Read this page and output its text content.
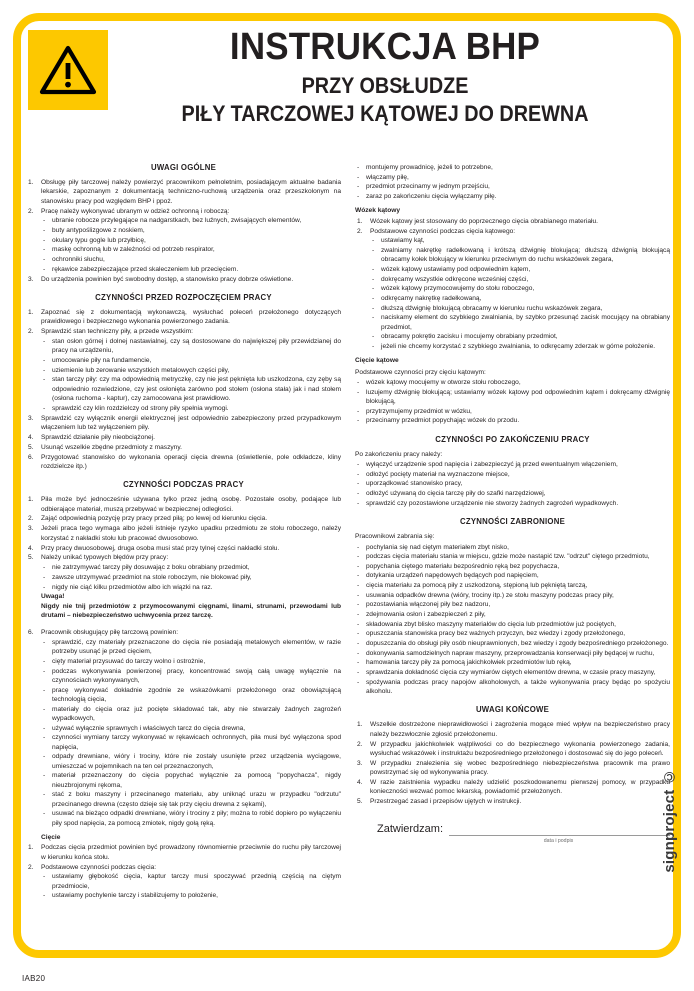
INSTRUKCJA BHP
PRZY OBSŁUDZE
PIŁY TARCZOWEJ KĄTOWEJ DO DREWNA
UWAGI OGÓLNE
1.	Obsługę piły tarczowej należy powierzyć pracownikom pełnoletnim, posiadającym aktualne badania lekarskie, zapoznanym z dokumentacją techniczno-ruchową urządzenia oraz przeszkolonym na stanowisku pracy pod względem BHP i ppoż.
2.	Pracę należy wykonywać ubranym w odzież ochronną i roboczą:
- ubranie robocze przylegające na nadgarstkach, bez luźnych, zwisających elementów,
- buty antypoślizgowe z noskiem,
- okulary typu gogle lub przyłbicę,
- maskę ochronną lub w zależności od potrzeb respirator,
- ochronniki słuchu,
- rękawice zabezpieczające przed skaleczeniem lub przecięciem.
3.	Do urządzenia powinien być swobodny dostęp, a stanowisko pracy dobrze oświetlone.
CZYNNOŚCI PRZED ROZPOCZĘCIEM PRACY
1.	Zapoznać się z dokumentacją wykonawczą, wysłuchać poleceń przełożonego dotyczących prawidłowego i bezpiecznego wykonania powierzonego zadania.
2.	Sprawdzić stan techniczny piły, a przede wszystkim:
- stan osłon górnej i dolnej nastawialnej, czy są dostosowane do największej piły przewidzianej do pracy na urządzeniu,
- umocowanie piły na fundamencie,
- uziemienie lub zerowanie wszystkich metalowych części piły,
- stan tarczy piły: czy ma odpowiednią metryczkę, czy nie jest pęknięta lub uszkodzona, czy zęby są odpowiednio rozwiedzione, czy jest osłonięta zarówno pod stołem (osłona stała) jak i nad stołem (osłona ruchoma - kaptur), czy zamocowana jest prawidłowo.
- sprawdzić czy klin rozdzielczy od strony piły spełnia wymogi.
3.	Sprawdzić czy wyłącznik energii elektrycznej jest odpowiednio zabezpieczony przed przypadkowym włączeniem lub też wyłączeniem piły.
4.	Sprawdzić działanie piły nieobciążonej.
5.	Usunąć wszelkie zbędne przedmioty z maszyny.
6.	Przygotować stanowisko do wykonania operacji cięcia drewna (oświetlenie, pole odkładcze, kliny rozdzielcze itp.)
CZYNNOŚCI PODCZAS PRACY
1.	Piła może być jednocześnie używana tylko przez jedną osobę. Pozostałe osoby, podające lub odbierające materiał, muszą przebywać w bezpiecznej odległości.
2.	Zająć odpowiednią pozycję przy pracy przed piłą; po lewej od kierunku cięcia.
3.	Jeżeli praca tego wymaga albo jeżeli istnieje ryzyko upadku przedmiotu ze stołu roboczego, należy korzystać z nakładki stołu lub pracować dwuosobowo.
4.	Przy pracy dwuosobowej, druga osoba musi stać przy tylnej części nakładki stołu.
5.	Należy unikać typowych błędów przy pracy:
- nie zatrzymywać tarczy piły dosuwając z boku obrabiany przedmiot,
- zawsze utrzymywać przedmiot na stole roboczym, nie blokować piły,
- nigdy nie ciąć kilku przedmiotów albo ich wiązki na raz.
Uwaga!
Nigdy nie tnij przedmiotów z przymocowanymi cięgnami, linami, strunami, przewodami lub drutami – niebezpieczeństwo uchwycenia przez tarczę.
6.	Pracownik obsługujący piłę tarczową powinien:
- sprawdzić, czy materiały przeznaczone do cięcia nie posiadają metalowych elementów, w razie potrzeby usunąć je przed cięciem,
- cięty materiał przysuwać do tarczy wolno i ostrożnie,
- podczas wykonywania powierzonej pracy, koncentrować swoją całą uwagę wyłącznie na czynnościach wykonywanych,
- pracę wykonywać dokładnie zgodnie ze wskazówkami przełożonego oraz obowiązującą technologią cięcia,
- materiały do cięcia oraz już pocięte składować tak, aby nie stwarzały żadnych zagrożeń wypadkowych,
- używać wyłącznie sprawnych i właściwych tarcz do cięcia drewna,
- czynności wymiany tarczy wykonywać w rękawicach ochronnych, piła musi być wyłączona spod napięcia,
- odpady drewniane, wióry i trociny, które nie zostały usunięte przez urządzenia wyciągowe, umieszczać w pojemnikach na ten cel przeznaczonych,
- materiał przeznaczony do cięcia popychać wyłącznie za pomocą "popychacza", nigdy nieuzbrojonymi rękoma,
- stać z boku maszyny i przecinanego materiału, aby uniknąć urazu w przypadku "odrzutu" przecinanego drewna (często dzieje się tak przy cięciu drewna z sękami),
- usuwać na bieżąco odpadki drewniane, wióry i trociny z piły; można to robić dopiero po wyłączeniu piły spod napięcia, za pomocą zmiotek, nigdy gołą ręką.
Cięcie
1.	Podczas cięcia przedmiot powinien być prowadzony równomiernie przeciwnie do ruchu piły tarczowej w kierunku końca stołu.
2.	Podstawowe czynności podczas cięcia:
- ustawiamy głębokość cięcia, kaptur tarczy musi spoczywać przednią częścią na ciętym przedmiocie,
- ustawiamy pochylenie tarczy i stabilizujemy to położenie,
- montujemy prowadnicę, jeżeli to potrzebne,
- włączamy piłę,
- przedmiot przecinamy w jednym przejściu,
- zaraz po zakończeniu cięcia wyłączamy piłę.
Wózek kątowy
1.	Wózek kątowy jest stosowany do poprzecznego cięcia obrabianego materiału.
2.	Podstawowe czynności podczas cięcia kątowego:
- ustawiamy kąt,
- zwalniamy nakrętkę radełkowaną i krótszą dźwignię blokującą; dłuższą dźwignią blokującą obracamy kołek blokujący w kierunku przeciwnym do ruchu wskazówek zegara,
- wózek kątowy ustawiamy pod odpowiednim kątem,
- dokręcamy wszystkie odkręcone wcześniej części,
- wózek kątowy przymocowujemy do stołu roboczego,
- odkręcamy nakrętkę radełkowaną,
- dłuższą dźwignię blokującą obracamy w kierunku ruchu wskazówek zegara,
- naciskamy element do szybkiego zwalniania, by szybko przesunąć zacisk mocujący na obrabiany przedmiot,
- obracamy pokrętło zacisku i mocujemy obrabiany przedmiot,
- jeżeli nie chcemy korzystać z szybkiego zwalniania, to odkręcamy zderzak w górne położenie.
Cięcie kątowe
Podstawowe czynności przy cięciu kątowym:
- wózek kątowy mocujemy w otworze stołu roboczego,
- luzujemy dźwignię blokującą; ustawiamy wózek kątowy pod odpowiednim kątem i dokręcamy dźwignię blokującą,
- przytrzymujemy przedmiot w wózku,
- przecinamy przedmiot popychając wózek do przodu.
CZYNNOŚCI PO ZAKOŃCZENIU PRACY
Po zakończeniu pracy należy:
- wyłączyć urządzenie spod napięcia i zabezpieczyć ją przed ewentualnym włączeniem,
- odłożyć pocięty materiał na wyznaczone miejsce,
- uporządkować stanowisko pracy,
- odłożyć używaną do cięcia tarczę piły do szafki narzędziowej,
- sprawdzić czy pozostawione urządzenie nie stworzy żadnych zagrożeń wypadkowych.
CZYNNOŚCI ZABRONIONE
Pracownikowi zabrania się:
- pochylania się nad ciętym materiałem zbyt nisko,
- podczas cięcia materiału stania w miejscu, gdzie może nastąpić tzw. "odrzut" ciętego przedmiotu,
- popychania ciętego materiału bezpośrednio ręką bez popychacza,
- dotykania urządzeń napędowych będących pod napięciem,
- cięcia materiału za pomocą piły z uszkodzoną, stępioną lub pękniętą tarczą,
- usuwania odpadków drewna (wióry, trociny itp.) ze stołu maszyny podczas pracy piły,
- pozostawiania włączonej piły bez nadzoru,
- zdejmowania osłon i zabezpieczeń z piły,
- składowania zbyt blisko maszyny materiałów do cięcia lub przedmiotów już pociętych,
- opuszczania stanowiska pracy bez ważnych przyczyn, bez wiedzy i zgody przełożonego,
- dopuszczania do obsługi piły osób nieuprawnionych, bez wiedzy i zgody bezpośredniego przełożonego.
- dokonywania samodzielnych napraw maszyny, przeprowadzania konserwacji piły będącej w ruchu,
- hamowania tarczy piły za pomocą jakichkolwiek przedmiotów lub ręką,
- sprawdzania dokładność cięcia czy wymiarów ciętych elementów drewna, w czasie pracy maszyny,
- spożywania podczas pracy napojów alkoholowych, a także wykonywania pracy będąc po spożyciu alkoholu.
UWAGI KOŃCOWE
1.	Wszelkie dostrzeżone nieprawidłowości i zagrożenia mogące mieć wpływ na bezpieczeństwo pracy należy bezzwłocznie zgłosić przełożonemu.
2.	W przypadku jakichkolwiek wątpliwości co do bezpiecznego wykonania powierzonego zadania, wysłuchać wskazówek i instruktażu bezpośredniego przełożonego i dostosować się do jego poleceń.
3.	W przypadku znalezienia się wobec bezpośredniego niebezpieczeństwa pracownik ma prawo powstrzymać się od wykonywania pracy.
4.	W razie zaistnienia wypadku należy udzielić poszkodowanemu pierwszej pomocy, w przypadku konieczności wezwać pomoc lekarską, powiadomić przełożonych.
5.	Przestrzegać zasad i przepisów ujętych w instrukcji.
Zatwierdzam:
data i podpis	signproject ©
IAB20
